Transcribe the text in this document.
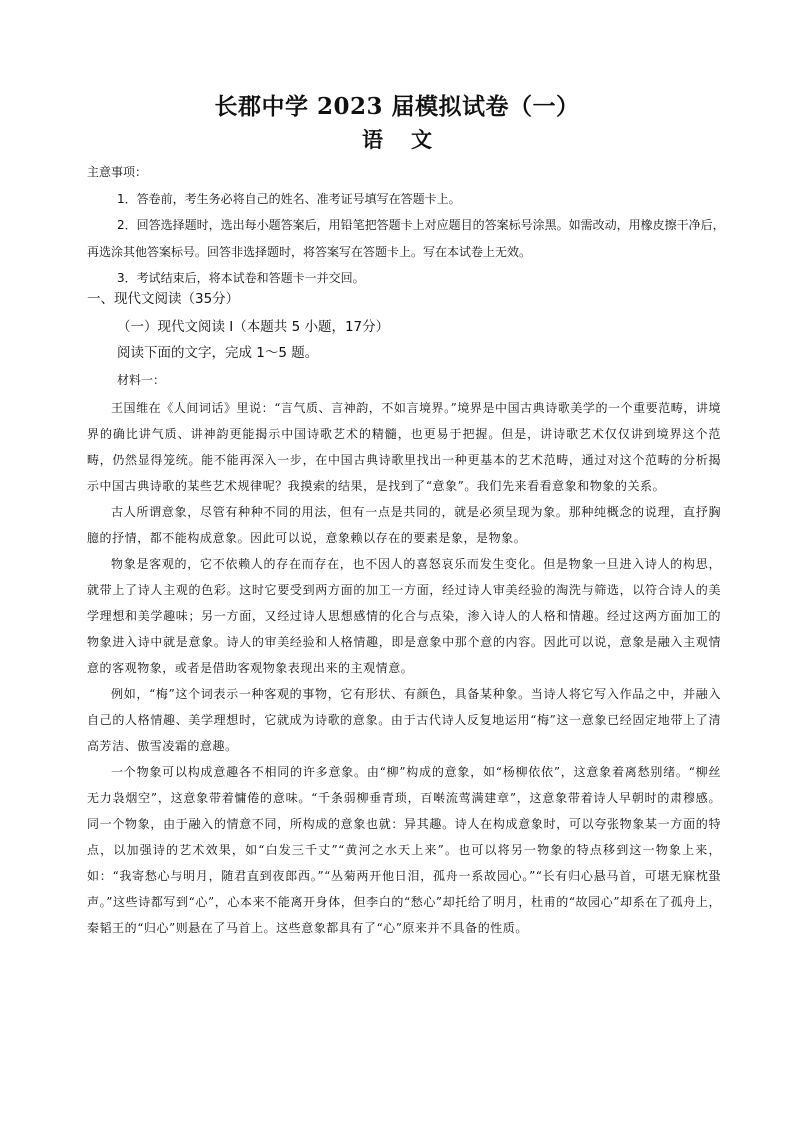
长郡中学 2023 届模拟试卷（一）
语文

主意事项：

1．答卷前，考生务必将自己的姓名、准考证号填写在答题卡上。

2．回答选择题时，选出每小题答案后，用铅笔把答题卡上对应题目的答案标号涂黑。如需改动，用橡皮擦干净后，

再选涂其他答案标号。回答非选择题时，将答案写在答题卡上。写在本试卷上无效。

3．考试结束后，将本试卷和答题卡一并交回。

一、现代文阅读（35分）
（一）现代文阅读 I（本题共 5 小题，17分）
阅读下面的文字，完成 1～5 题。
材料一：

王国维在《人间词话》里说：“言气质、言神韵，不如言境界。”境界是中国古典诗歌美学的一个重要范畴，讲境界的确比讲气质、讲神韵更能揭示中国诗歌艺术的精髓，也更易于把握。但是，讲诗歌艺术仅仅讲到境界这个范畴，仍然显得笼统。能不能再深入一步，在中国古典诗歌里找出一种更基本的艺术范畴，通过对这个范畴的分析揭示中国古典诗歌的某些艺术规律呢？我摸索的结果，是找到了“意象”。我们先来看看意象和物象的关系。

古人所谓意象，尽管有种种不同的用法，但有一点是共同的，就是必须呈现为象。那种纯概念的说理，直抒胸臆的抒情，都不能构成意象。因此可以说，意象赖以存在的要素是象，是物象。

物象是客观的，它不依赖人的存在而存在，也不因人的喜怒哀乐而发生变化。但是物象一旦进入诗人的构思，就带上了诗人主观的色彩。这时它要受到两方面的加工一方面，经过诗人审美经验的淘洗与筛选，以符合诗人的美学理想和美学趣味；另一方面，又经过诗人思想感情的化合与点染，渗入诗人的人格和情趣。经过这两方面加工的物象进入诗中就是意象。诗人的审美经验和人格情趣，即是意象中那个意的内容。因此可以说，意象是融入主观情意的客观物象，或者是借助客观物象表现出来的主观情意。

例如，“梅”这个词表示一种客观的事物，它有形状、有颜色，具备某种象。当诗人将它写入作品之中，并融入自己的人格情趣、美学理想时，它就成为诗歌的意象。由于古代诗人反复地运用“梅”这一意象已经固定地带上了清高芳洁、傲雪凌霜的意趣。

一个物象可以构成意趣各不相同的许多意象。由“柳”构成的意象，如“杨柳依依”，这意象着离愁别绪。“柳丝无力袅烟空”，这意象带着慵倦的意味。“千条弱柳垂青琐，百啭流莺满建章”，这意象带着诗人早朝时的肃穆感。同一个物象，由于融入的情意不同，所构成的意象也就：异其趣。诗人在构成意象时，可以夸张物象某一方面的特点，以加强诗的艺术效果，如“白发三千丈”“黄河之水天上来”。也可以将另一物象的特点移到这一物象上来，如：“我寄愁心与明月，随君直到夜郎西。”“丛菊两开他日泪，孤舟一系故园心。”“长有归心悬马首，可堪无寐枕蛩声。”这些诗都写到“心”，心本来不能离开身体，但李白的“愁心”却托给了明月，杜甫的“故园心”却系在了孤舟上，秦韬王的“归心”则悬在了马首上。这些意象都具有了“心”原来并不具备的性质。
